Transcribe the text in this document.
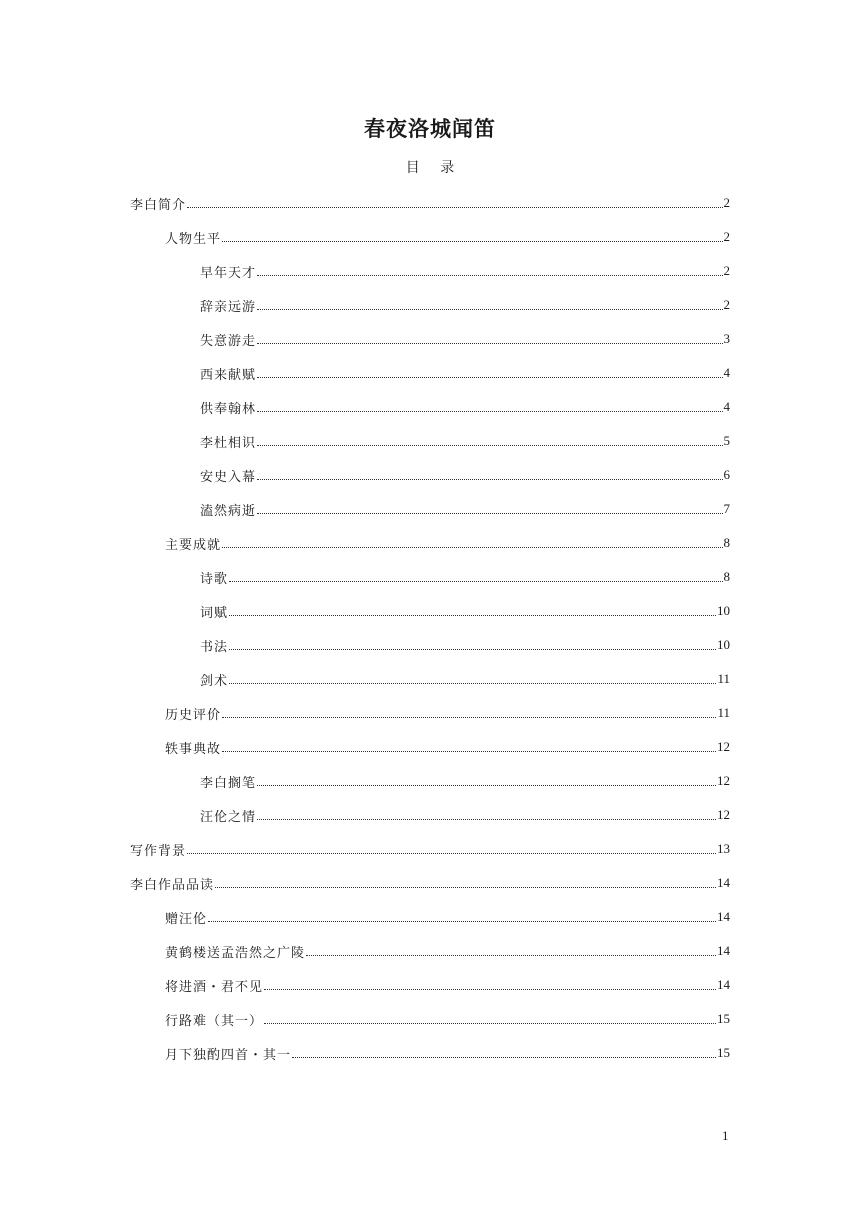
春夜洛城闻笛
目 录
李白简介	2
人物生平	2
早年天才	2
辞亲远游	2
失意游走	3
西来献赋	4
供奉翰林	4
李杜相识	5
安史入幕	6
溘然病逝	7
主要成就	8
诗歌	8
词赋	10
书法	10
剑术	11
历史评价	11
轶事典故	12
李白搁笔	12
汪伦之情	12
写作背景	13
李白作品品读	14
赠汪伦	14
黄鹤楼送孟浩然之广陵	14
将进酒・君不见	14
行路难（其一）	15
月下独酌四首・其一	15
1
